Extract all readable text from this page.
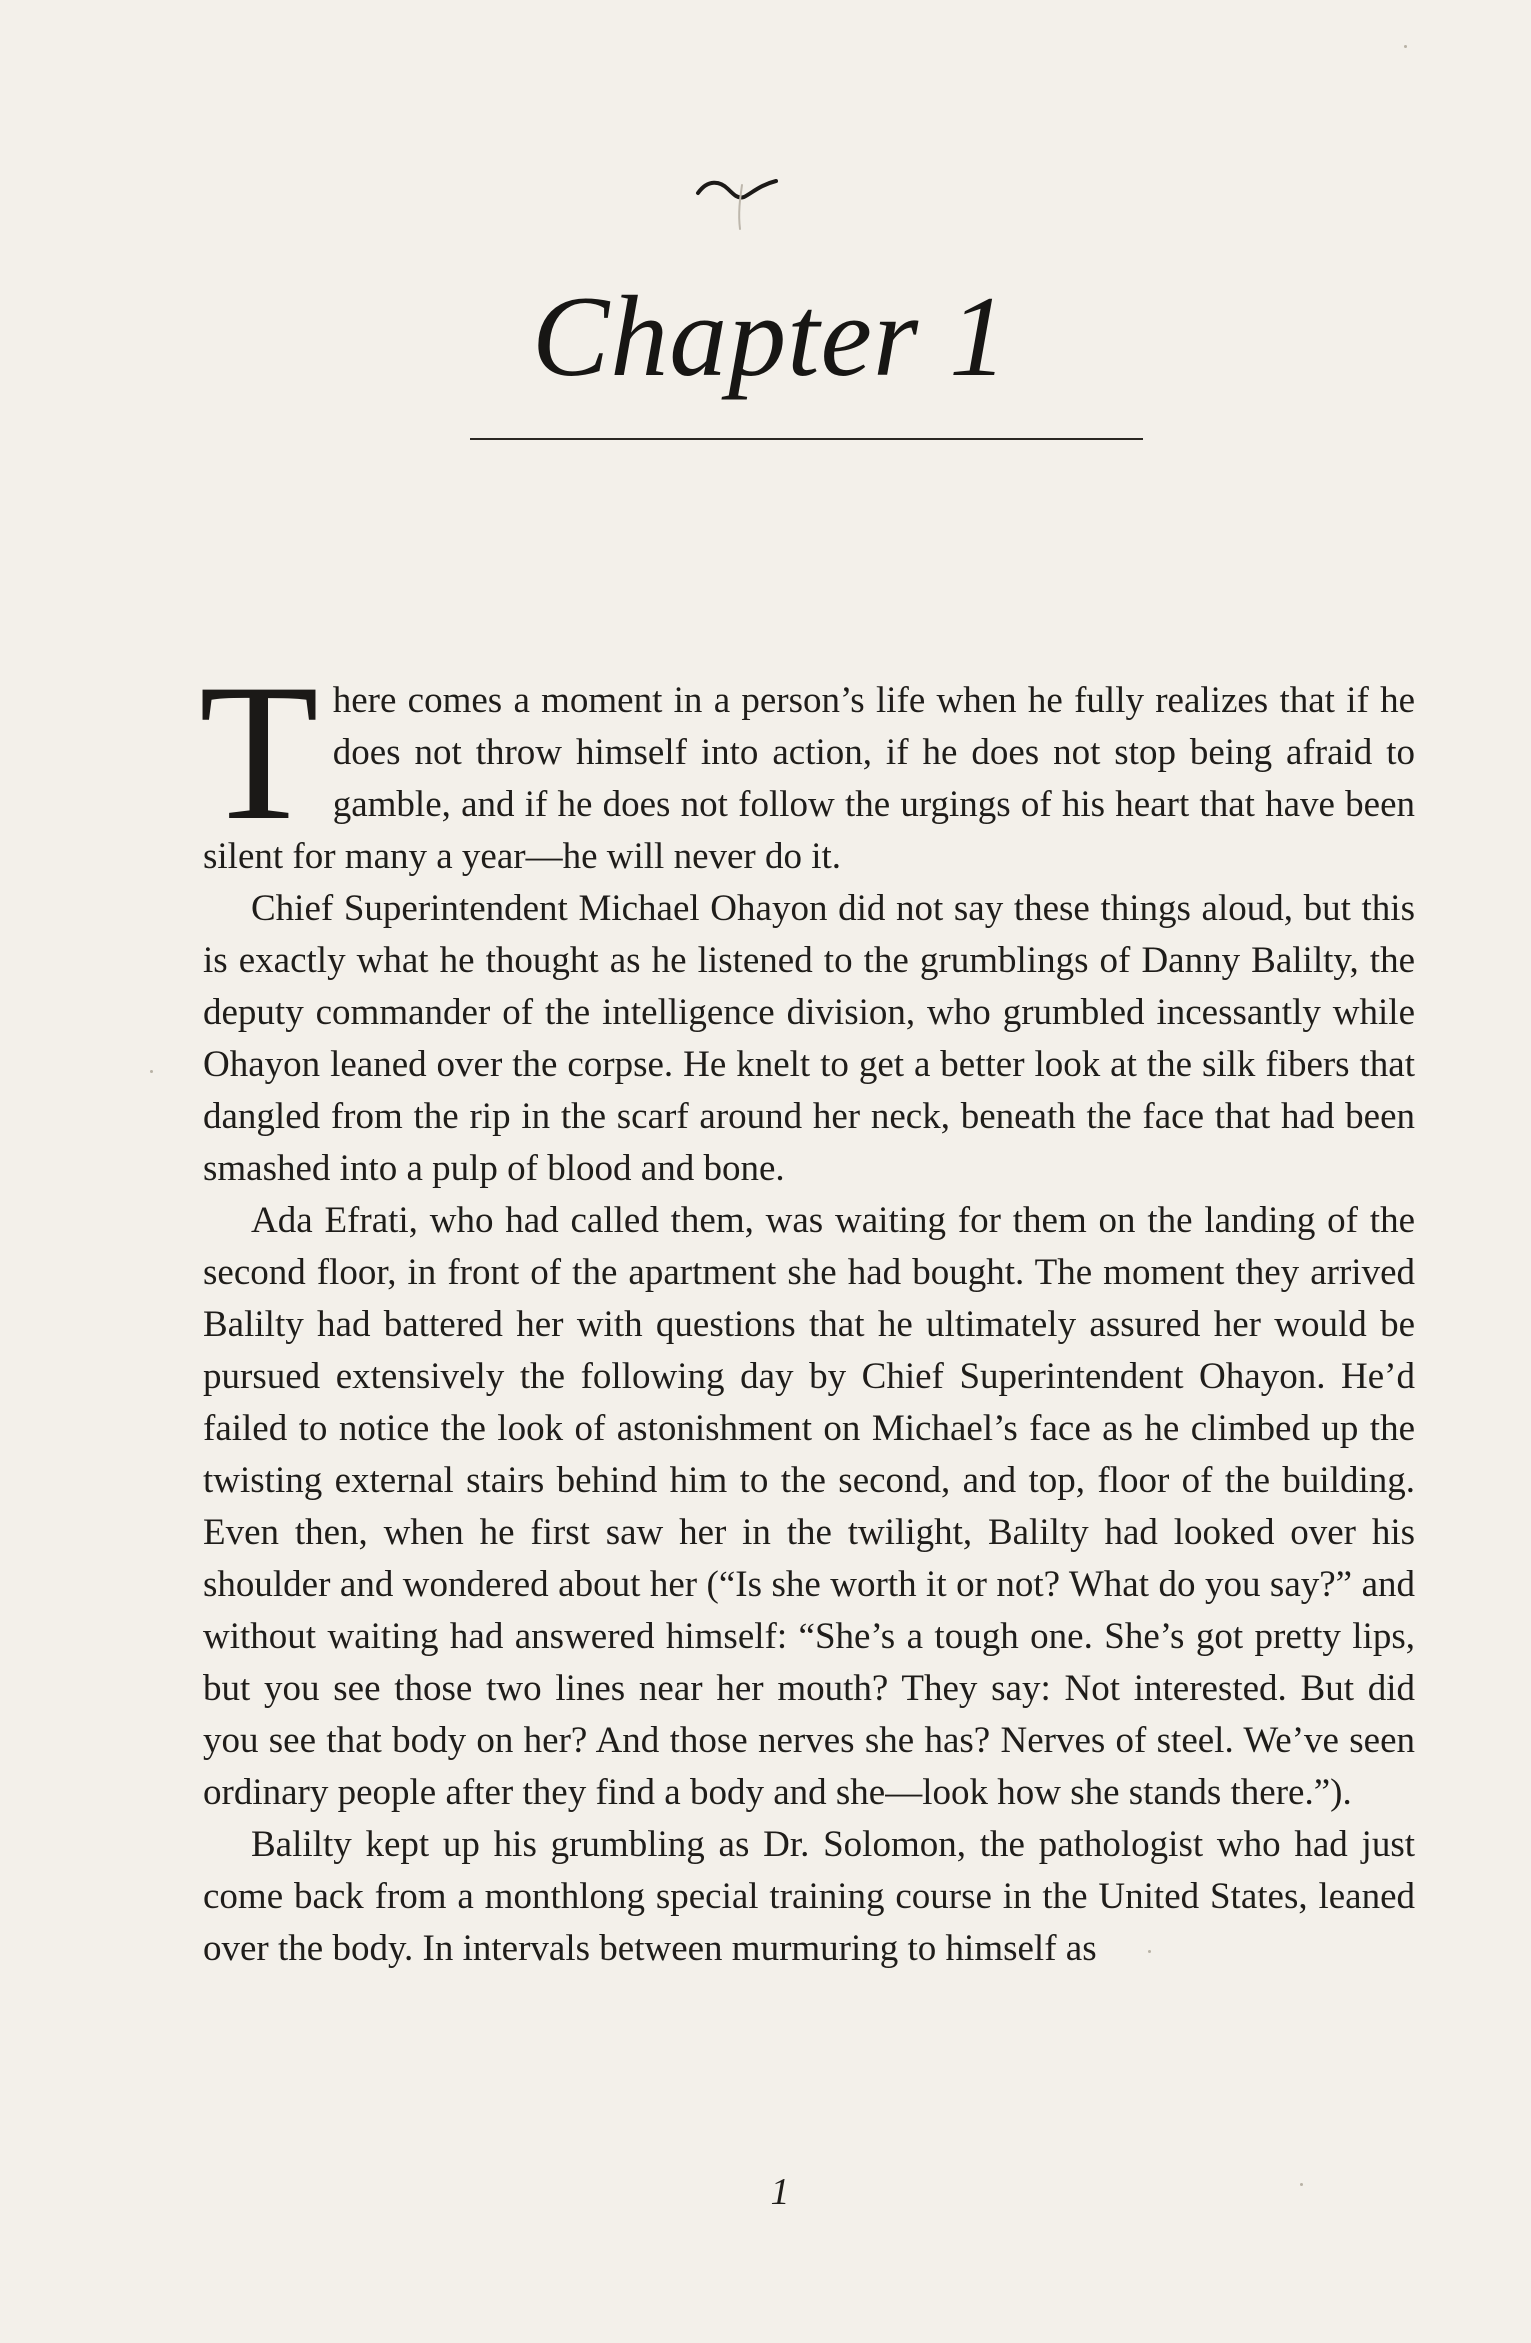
Chapter 1

There comes a moment in a person’s life when he fully realizes that if he does not throw himself into action, if he does not stop being afraid to gamble, and if he does not follow the urgings of his heart that have been silent for many a year—he will never do it.

Chief Superintendent Michael Ohayon did not say these things aloud, but this is exactly what he thought as he listened to the grumblings of Danny Balilty, the deputy commander of the intelligence division, who grumbled incessantly while Ohayon leaned over the corpse. He knelt to get a better look at the silk fibers that dangled from the rip in the scarf around her neck, beneath the face that had been smashed into a pulp of blood and bone.

Ada Efrati, who had called them, was waiting for them on the landing of the second floor, in front of the apartment she had bought. The moment they arrived Balilty had battered her with questions that he ultimately assured her would be pursued extensively the following day by Chief Superintendent Ohayon. He’d failed to notice the look of astonishment on Michael’s face as he climbed up the twisting external stairs behind him to the second, and top, floor of the building. Even then, when he first saw her in the twilight, Balilty had looked over his shoulder and wondered about her (“Is she worth it or not? What do you say?” and without waiting had answered himself: “She’s a tough one. She’s got pretty lips, but you see those two lines near her mouth? They say: Not interested. But did you see that body on her? And those nerves she has? Nerves of steel. We’ve seen ordinary people after they find a body and she—look how she stands there.”).

Balilty kept up his grumbling as Dr. Solomon, the pathologist who had just come back from a monthlong special training course in the United States, leaned over the body. In intervals between murmuring to himself as

1
